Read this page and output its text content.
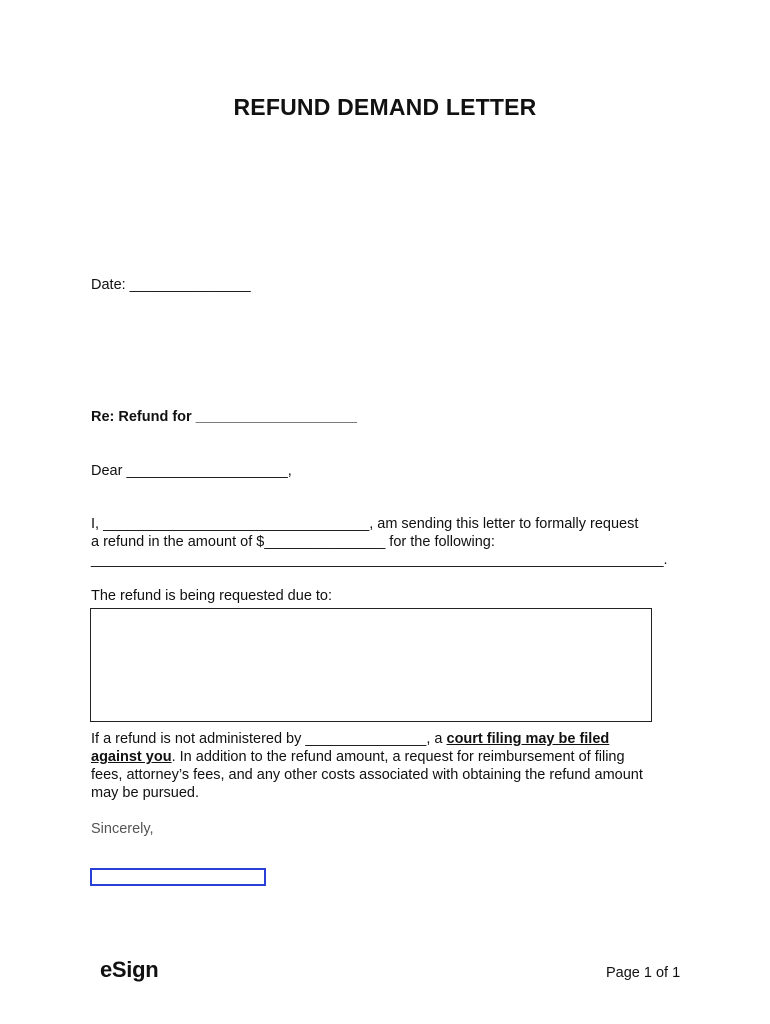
REFUND DEMAND LETTER
Date: _______________
Re: Refund for ____________________
Dear ____________________,
I, _________________________________, am sending this letter to formally request
a refund in the amount of $_______________ for the following:
_______________________________________________________________________.
The refund is being requested due to:
If a refund is not administered by _______________, a court filing may be filed
against you. In addition to the refund amount, a request for reimbursement of filing
fees, attorney’s fees, and any other costs associated with obtaining the refund amount
may be pursued.
Sincerely,
eSign	Page 1 of 1
